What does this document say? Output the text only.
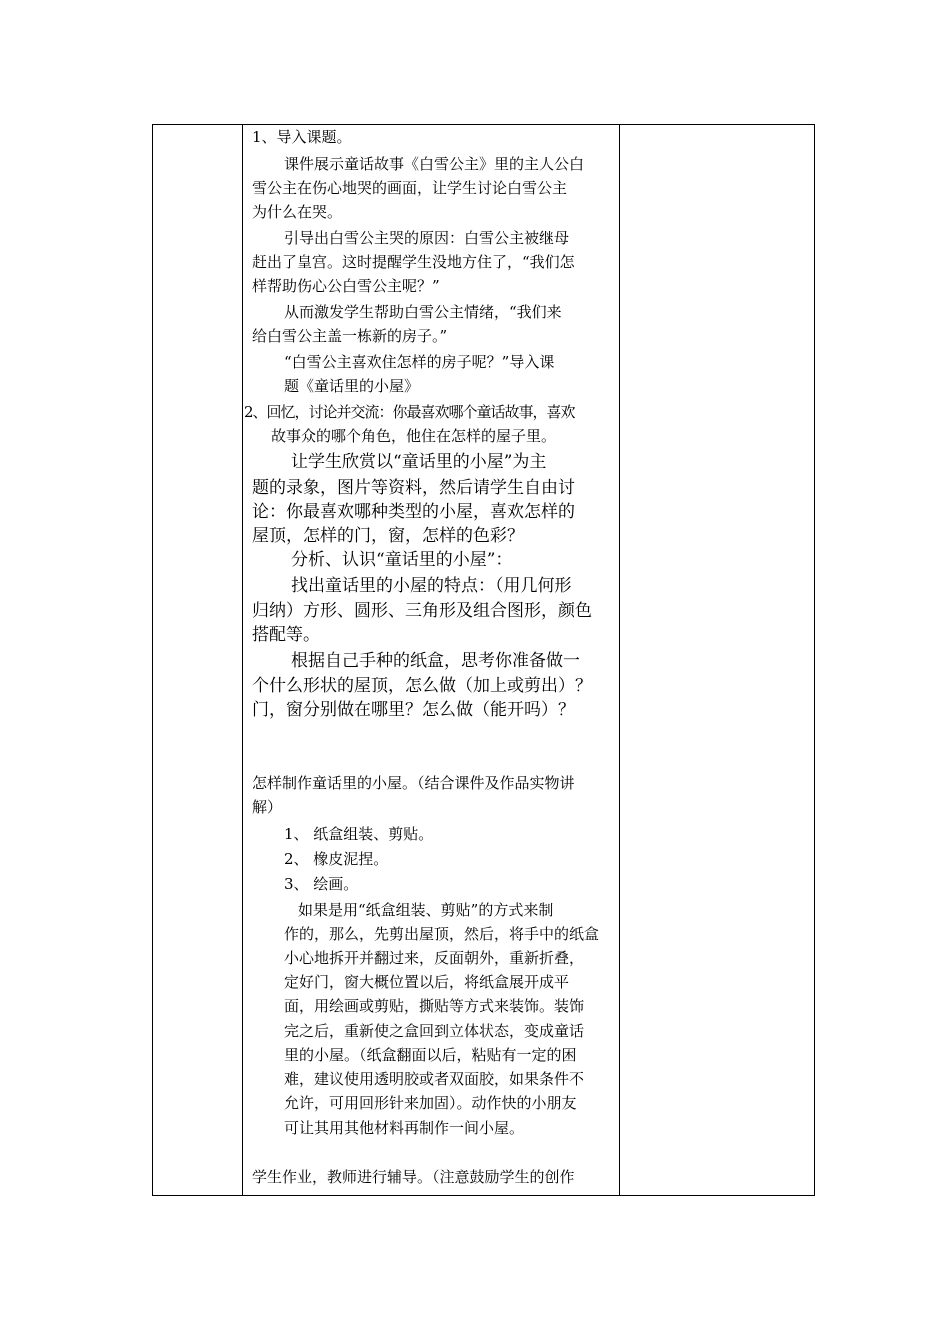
1、导入课题。
课件展示童话故事《白雪公主》里的主人公白
雪公主在伤心地哭的画面，让学生讨论白雪公主
为什么在哭。
引导出白雪公主哭的原因：白雪公主被继母
赶出了皇宫。这时提醒学生没地方住了，“我们怎
样帮助伤心公白雪公主呢？”
从而激发学生帮助白雪公主情绪，“我们来
给白雪公主盖一栋新的房子。”
“白雪公主喜欢住怎样的房子呢？”导入课
题《童话里的小屋》
2、回忆，讨论并交流：你最喜欢哪个童话故事，喜欢
故事众的哪个角色，他住在怎样的屋子里。
让学生欣赏以“童话里的小屋”为主
题的录象，图片等资料，然后请学生自由讨
论：你最喜欢哪种类型的小屋，喜欢怎样的
屋顶，怎样的门，窗，怎样的色彩？
分析、认识“童话里的小屋”：
找出童话里的小屋的特点：（用几何形
归纳）方形、圆形、三角形及组合图形，颜色
搭配等。
根据自己手种的纸盒，思考你准备做一
个什么形状的屋顶，怎么做（加上或剪出）？
门，窗分别做在哪里？怎么做（能开吗）？
怎样制作童话里的小屋。（结合课件及作品实物讲
解）
1、 纸盒组装、剪贴。
2、 橡皮泥捏。
3、 绘画。
如果是用“纸盒组装、剪贴”的方式来制
作的，那么，先剪出屋顶，然后，将手中的纸盒
小心地拆开并翻过来，反面朝外，重新折叠，
定好门，窗大概位置以后，将纸盒展开成平
面，用绘画或剪贴，撕贴等方式来装饰。装饰
完之后，重新使之盒回到立体状态，变成童话
里的小屋。（纸盒翻面以后，粘贴有一定的困
难，建议使用透明胶或者双面胶，如果条件不
允许，可用回形针来加固）。动作快的小朋友
可让其用其他材料再制作一间小屋。
学生作业，教师进行辅导。（注意鼓励学生的创作
